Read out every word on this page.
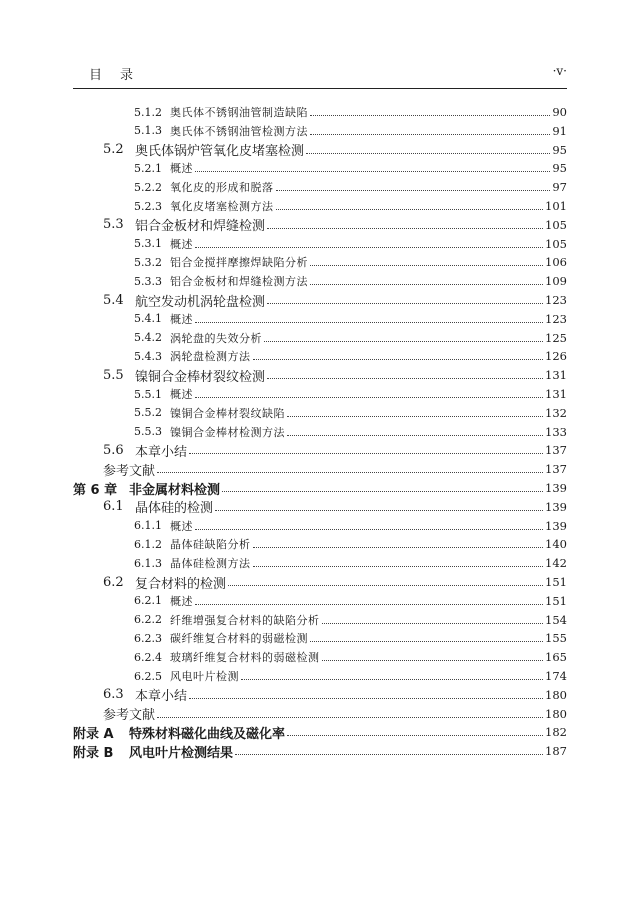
目录	·v·
5.1.2 奥氏体不锈钢油管制造缺陷	90
5.1.3 奥氏体不锈钢油管检测方法	91
5.2 奥氏体锅炉管氧化皮堵塞检测	95
5.2.1 概述	95
5.2.2 氧化皮的形成和脱落	97
5.2.3 氧化皮堵塞检测方法	101
5.3 铝合金板材和焊缝检测	105
5.3.1 概述	105
5.3.2 铝合金搅拌摩擦焊缺陷分析	106
5.3.3 铝合金板材和焊缝检测方法	109
5.4 航空发动机涡轮盘检测	123
5.4.1 概述	123
5.4.2 涡轮盘的失效分析	125
5.4.3 涡轮盘检测方法	126
5.5 镍铜合金棒材裂纹检测	131
5.5.1 概述	131
5.5.2 镍铜合金棒材裂纹缺陷	132
5.5.3 镍铜合金棒材检测方法	133
5.6 本章小结	137
参考文献	137
第 6 章 非金属材料检测	139
6.1 晶体硅的检测	139
6.1.1 概述	139
6.1.2 晶体硅缺陷分析	140
6.1.3 晶体硅检测方法	142
6.2 复合材料的检测	151
6.2.1 概述	151
6.2.2 纤维增强复合材料的缺陷分析	154
6.2.3 碳纤维复合材料的弱磁检测	155
6.2.4 玻璃纤维复合材料的弱磁检测	165
6.2.5 风电叶片检测	174
6.3 本章小结	180
参考文献	180
附录 A	特殊材料磁化曲线及磁化率	182
附录 B	风电叶片检测结果	187
